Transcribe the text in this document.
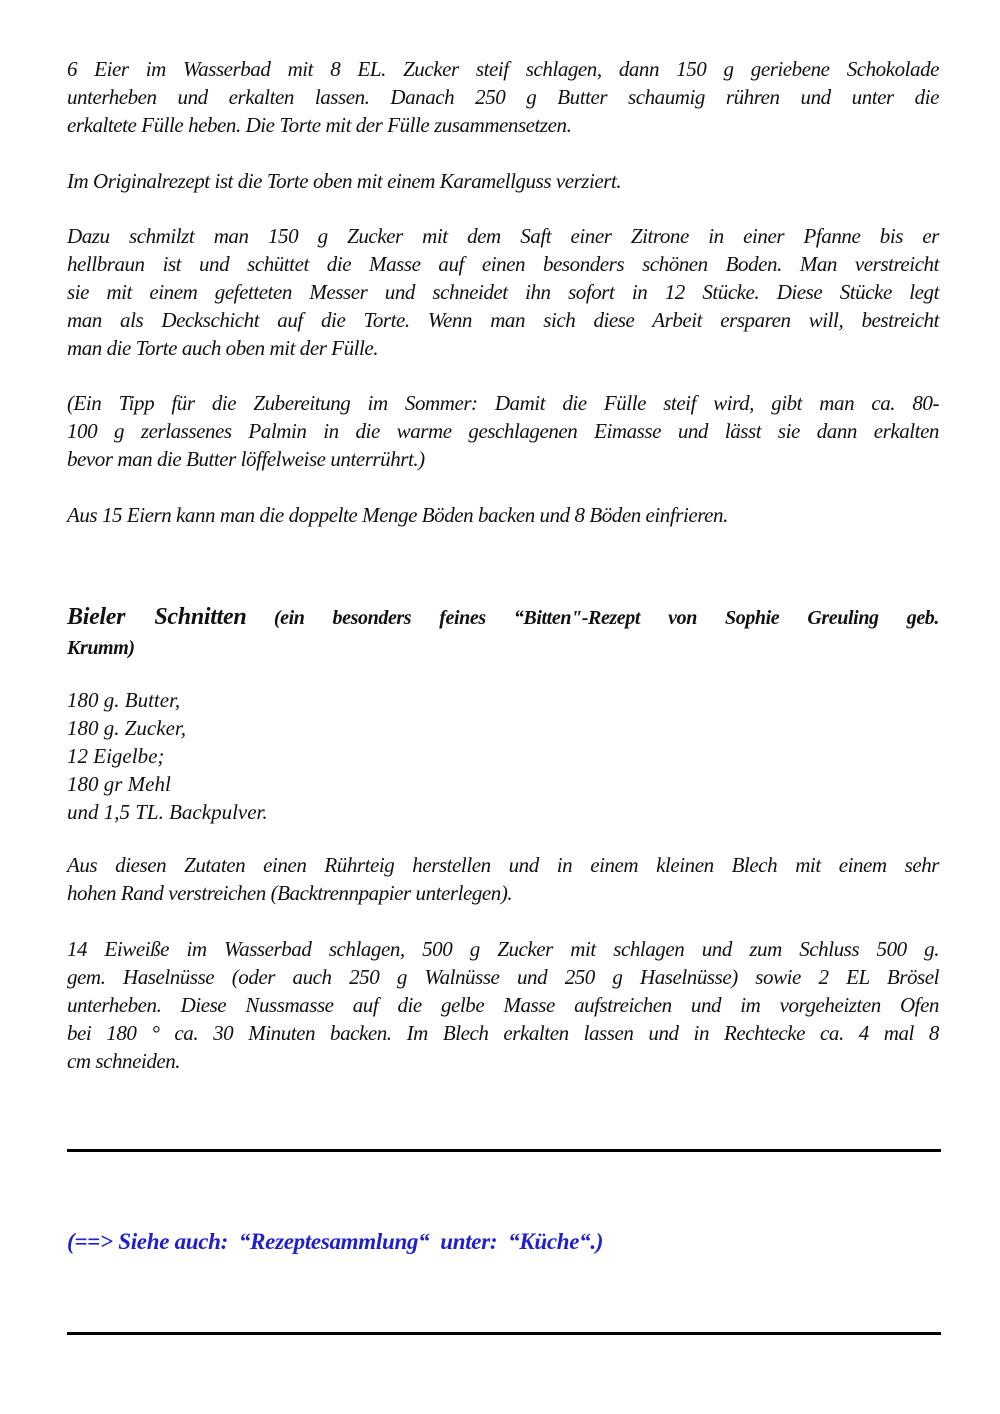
6 Eier im Wasserbad mit 8 EL. Zucker steif schlagen, dann 150 g geriebene Schokolade
unterheben und erkalten lassen. Danach 250 g Butter schaumig rühren und unter die
erkaltete Fülle heben. Die Torte mit der Fülle zusammensetzen.
Im Originalrezept ist die Torte oben mit einem Karamellguss verziert.
Dazu schmilzt man 150 g Zucker mit dem Saft einer Zitrone in einer Pfanne bis er
hellbraun ist und schüttet die Masse auf einen besonders schönen Boden. Man verstreicht
sie mit einem gefetteten Messer und schneidet ihn sofort in 12 Stücke. Diese Stücke legt
man als Deckschicht auf die Torte. Wenn man sich diese Arbeit ersparen will, bestreicht
man die Torte auch oben mit der Fülle.
(Ein Tipp für die Zubereitung im Sommer: Damit die Fülle steif wird, gibt man ca. 80-
100 g zerlassenes Palmin in die warme geschlagenen Eimasse und lässt sie dann erkalten
bevor man die Butter löffelweise unterrührt.)
Aus 15 Eiern kann man die doppelte Menge Böden backen und 8 Böden einfrieren.
Bieler Schnitten (ein besonders feines “Bitten"-Rezept von Sophie Greuling geb.
Krumm)
180 g. Butter,
180 g. Zucker,
12 Eigelbe;
180 gr Mehl
und 1,5 TL. Backpulver.
Aus diesen Zutaten einen Rührteig herstellen und in einem kleinen Blech mit einem sehr
hohen Rand verstreichen (Backtrennpapier unterlegen).
14 Eiweiße im Wasserbad schlagen, 500 g Zucker mit schlagen und zum Schluss 500 g.
gem. Haselnüsse (oder auch 250 g Walnüsse und 250 g Haselnüsse) sowie 2 EL Brösel
unterheben. Diese Nussmasse auf die gelbe Masse aufstreichen und im vorgeheizten Ofen
bei 180 ° ca. 30 Minuten backen. Im Blech erkalten lassen und in Rechtecke ca. 4 mal 8
cm schneiden.
(==> Siehe auch:  “Rezeptesammlung“  unter:  “Küche“.)
